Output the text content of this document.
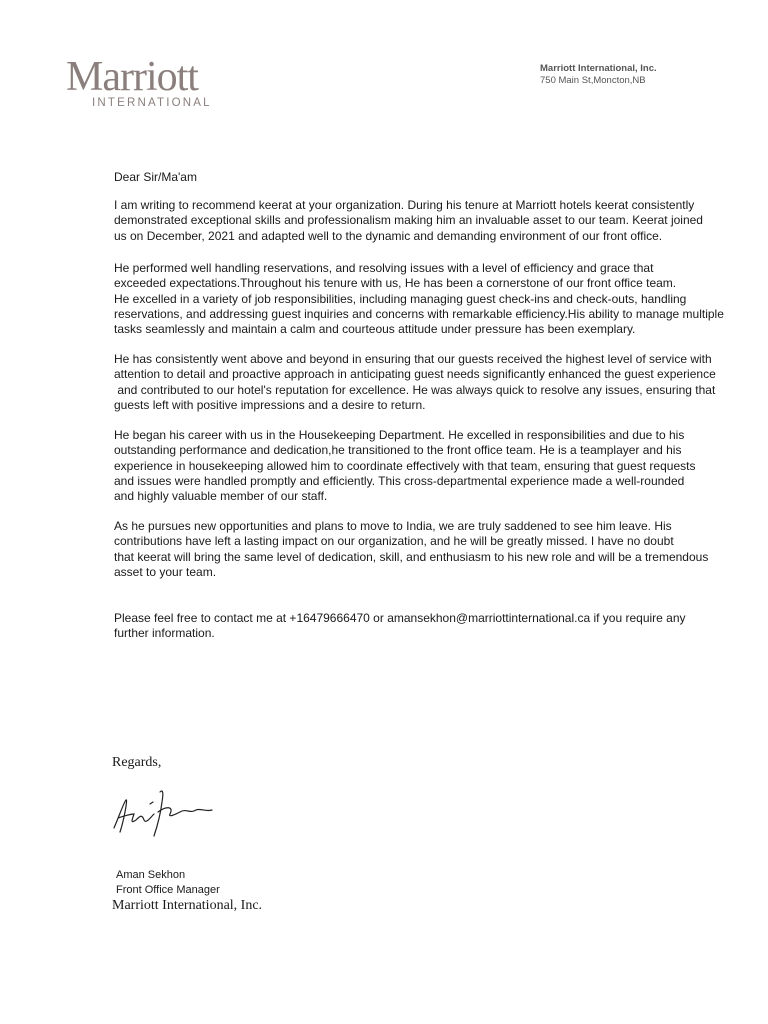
Marriott
INTERNATIONAL
Marriott International, Inc.
750 Main St,Moncton,NB
Dear Sir/Ma'am
I am writing to recommend keerat at your organization. During his tenure at Marriott hotels keerat consistently
demonstrated exceptional skills and professionalism making him an invaluable asset to our team. Keerat joined
us on December, 2021 and adapted well to the dynamic and demanding environment of our front office.
He performed well handling reservations, and resolving issues with a level of efficiency and grace that
exceeded expectations.Throughout his tenure with us, He has been a cornerstone of our front office team.
He excelled in a variety of job responsibilities, including managing guest check-ins and check-outs, handling
reservations, and addressing guest inquiries and concerns with remarkable efficiency.His ability to manage multiple
tasks seamlessly and maintain a calm and courteous attitude under pressure has been exemplary.
He has consistently went above and beyond in ensuring that our guests received the highest level of service with
attention to detail and proactive approach in anticipating guest needs significantly enhanced the guest experience
and contributed to our hotel's reputation for excellence. He was always quick to resolve any issues, ensuring that
guests left with positive impressions and a desire to return.
He began his career with us in the Housekeeping Department. He excelled in responsibilities and due to his
outstanding performance and dedication,he transitioned to the front office team. He is a teamplayer and his
experience in housekeeping allowed him to coordinate effectively with that team, ensuring that guest requests
and issues were handled promptly and efficiently. This cross-departmental experience made a well-rounded
and highly valuable member of our staff.
As he pursues new opportunities and plans to move to India, we are truly saddened to see him leave. His
contributions have left a lasting impact on our organization, and he will be greatly missed. I have no doubt
that keerat will bring the same level of dedication, skill, and enthusiasm to his new role and will be a tremendous
asset to your team.
Please feel free to contact me at +16479666470 or amansekhon@marriottinternational.ca if you require any
further information.
Regards,
Aman Sekhon
Front Office Manager
Marriott International, Inc.
